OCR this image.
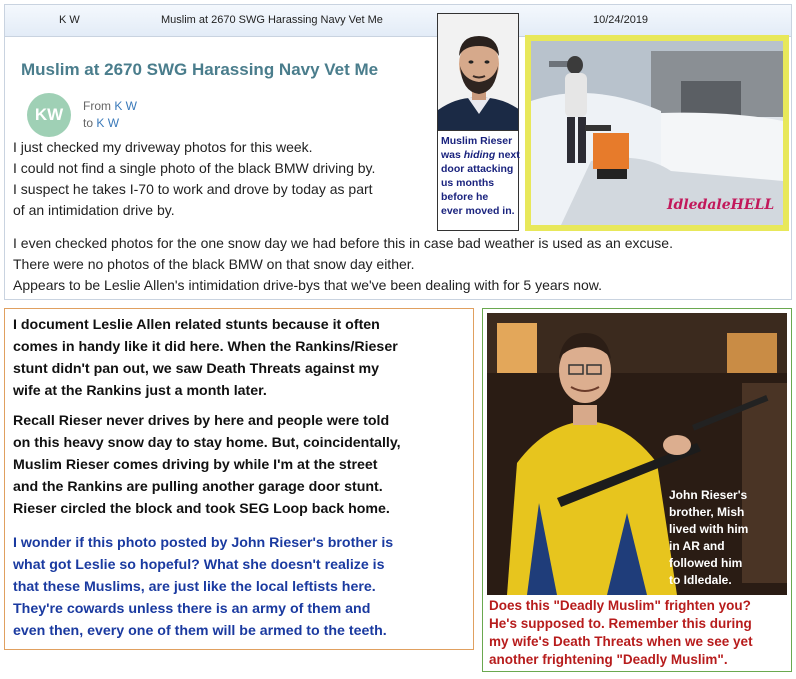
K W	Muslim at 2670 SWG Harassing Navy Vet Me	10/24/2019
Muslim at 2670 SWG Harassing Navy Vet Me
KW	From K W
to K W
I just checked my driveway photos for this week.
I could not find a single photo of the black BMW driving by.
I suspect he takes I-70 to work and drove by today as part
of an intimidation drive by.
I even checked photos for the one snow day we had before this in case bad weather is used as an excuse.
There were no photos of the black BMW on that snow day either.
Appears to be Leslie Allen's intimidation drive-bys that we've been dealing with for 5 years now.
Muslim Rieser
was hiding next
door attacking
us months
before he
ever moved in.	IdledaleHELL
I document Leslie Allen related stunts because it often
comes in handy like it did here. When the Rankins/Rieser
stunt didn't pan out, we saw Death Threats against my
wife at the Rankins just a month later.
Recall Rieser never drives by here and people were told
on this heavy snow day to stay home. But, coincidentally,
Muslim Rieser comes driving by while I'm at the street
and the Rankins are pulling another garage door stunt.
Rieser circled the block and took SEG Loop back home.
I wonder if this photo posted by John Rieser's brother is
what got Leslie so hopeful? What she doesn't realize is
that these Muslims, are just like the local leftists here.
They're cowards unless there is an army of them and
even then, every one of them will be armed to the teeth.
John Rieser's
brother, Mish
lived with him
in AR and
followed him
to Idledale.
Does this "Deadly Muslim" frighten you?
He's supposed to. Remember this during
my wife's Death Threats when we see yet
another frightening "Deadly Muslim".
